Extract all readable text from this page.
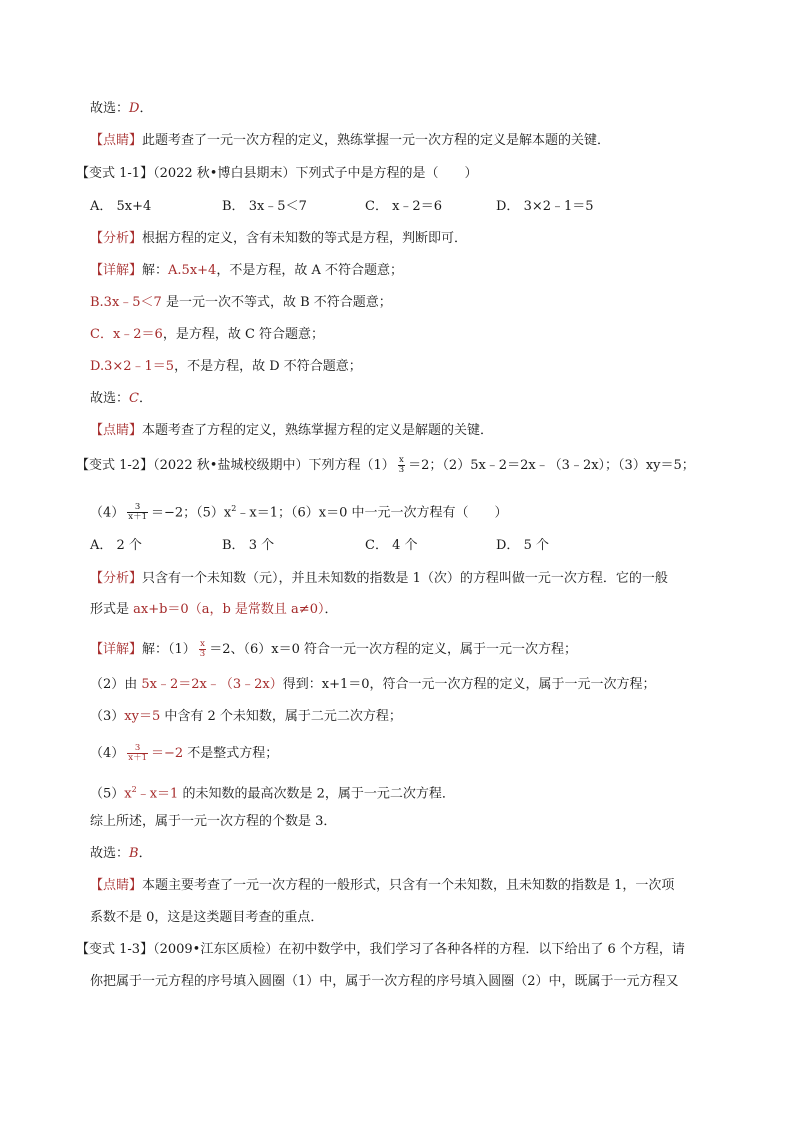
故选：D．
【点睛】此题考查了一元一次方程的定义，熟练掌握一元一次方程的定义是解本题的关键．
【变式 1-1】（2022 秋•博白县期末）下列式子中是方程的是（　　）
A． 5x+4	B． 3x﹣5＜7	C． x﹣2＝6	D． 3×2﹣1＝5
【分析】根据方程的定义，含有未知数的等式是方程，判断即可．
【详解】解：A.5x+4，不是方程，故 A 不符合题意；
B.3x﹣5＜7 是一元一次不等式，故 B 不符合题意；
C．x﹣2＝6，是方程，故 C 符合题意；
D.3×2﹣1＝5，不是方程，故 D 不符合题意；
故选：C．
【点睛】本题考查了方程的定义，熟练掌握方程的定义是解题的关键．
【变式 1-2】（2022 秋•盐城校级期中）下列方程$(1) \frac{x}{3} =2$；（2）5x﹣2＝2x﹣（3﹣2x）；（3）xy＝5；
$(4) \frac{3}{x+1} =-2$；$(5)x^2﹣x=1$；（6）x＝0 中一元一次方程有（　　）
A． 2 个	B． 3 个	C． 4 个	D． 5 个
【分析】只含有一个未知数（元），并且未知数的指数是 1（次）的方程叫做一元一次方程．它的一般
形式是 ax+b＝0（a，b 是常数且 a≠0）．
【详解】解：$(1) \frac{x}{3} =2$、（6）x＝0 符合一元一次方程的定义，属于一元一次方程；
（2）由 5x﹣2＝2x﹣（3﹣2x）得到：x+1＝0，符合一元一次方程的定义，属于一元一次方程；
（3）xy＝5 中含有 2 个未知数，属于二元二次方程；
$(4) \frac{3}{x+1} =-2$ 不是整式方程；
$(5)x^2﹣x=1$ 的未知数的最高次数是 2，属于一元二次方程．
综上所述，属于一元一次方程的个数是 3．
故选：B．
【点睛】本题主要考查了一元一次方程的一般形式，只含有一个未知数，且未知数的指数是 1，一次项
系数不是 0，这是这类题目考查的重点．
【变式 1-3】（2009•江东区质检）在初中数学中，我们学习了各种各样的方程．以下给出了 6 个方程，请
你把属于一元方程的序号填入圆圈（1）中，属于一次方程的序号填入圆圈（2）中，既属于一元方程又
